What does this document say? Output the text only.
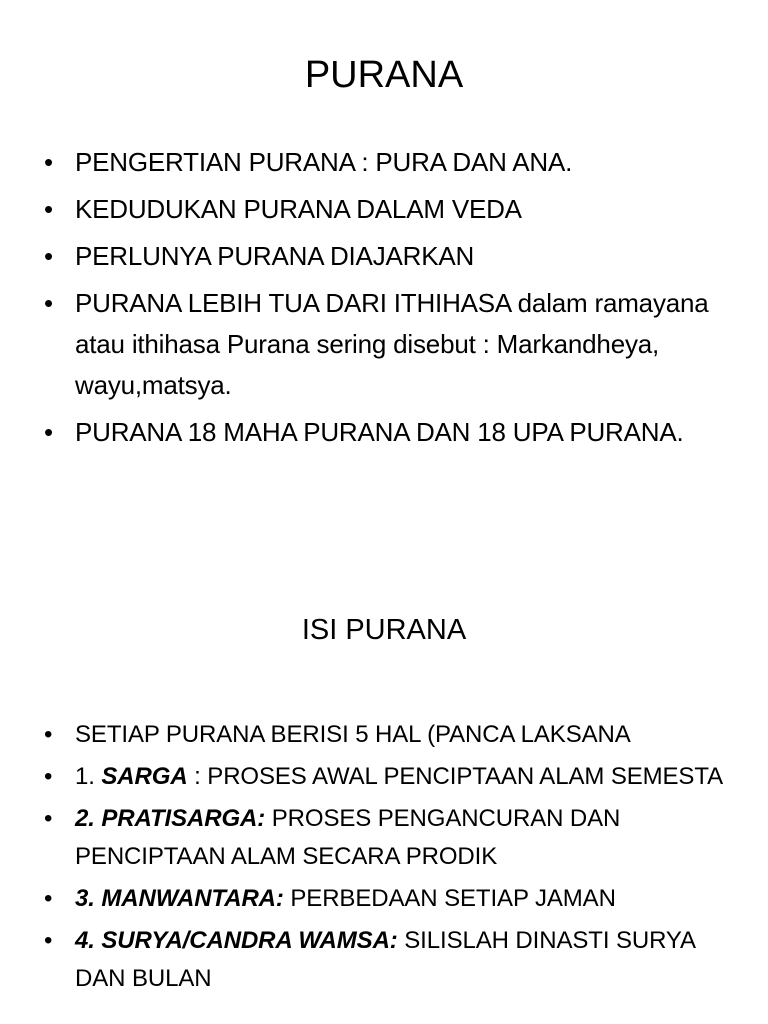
PURANA
• PENGERTIAN PURANA : PURA DAN ANA.
• KEDUDUKAN PURANA DALAM VEDA
• PERLUNYA PURANA DIAJARKAN
• PURANA LEBIH TUA DARI ITHIHASA dalam ramayana atau ithihasa Purana sering disebut : Markandheya, wayu,matsya.
• PURANA 18 MAHA PURANA DAN 18 UPA PURANA.
ISI PURANA
• SETIAP PURANA BERISI 5 HAL (PANCA LAKSANA
• 1. SARGA : PROSES AWAL PENCIPTAAN ALAM SEMESTA
• 2. PRATISARGA: PROSES PENGANCURAN DAN PENCIPTAAN ALAM SECARA PRODIK
• 3. MANWANTARA: PERBEDAAN SETIAP JAMAN
• 4. SURYA/CANDRA WAMSA: SILISLAH DINASTI SURYA DAN BULAN
